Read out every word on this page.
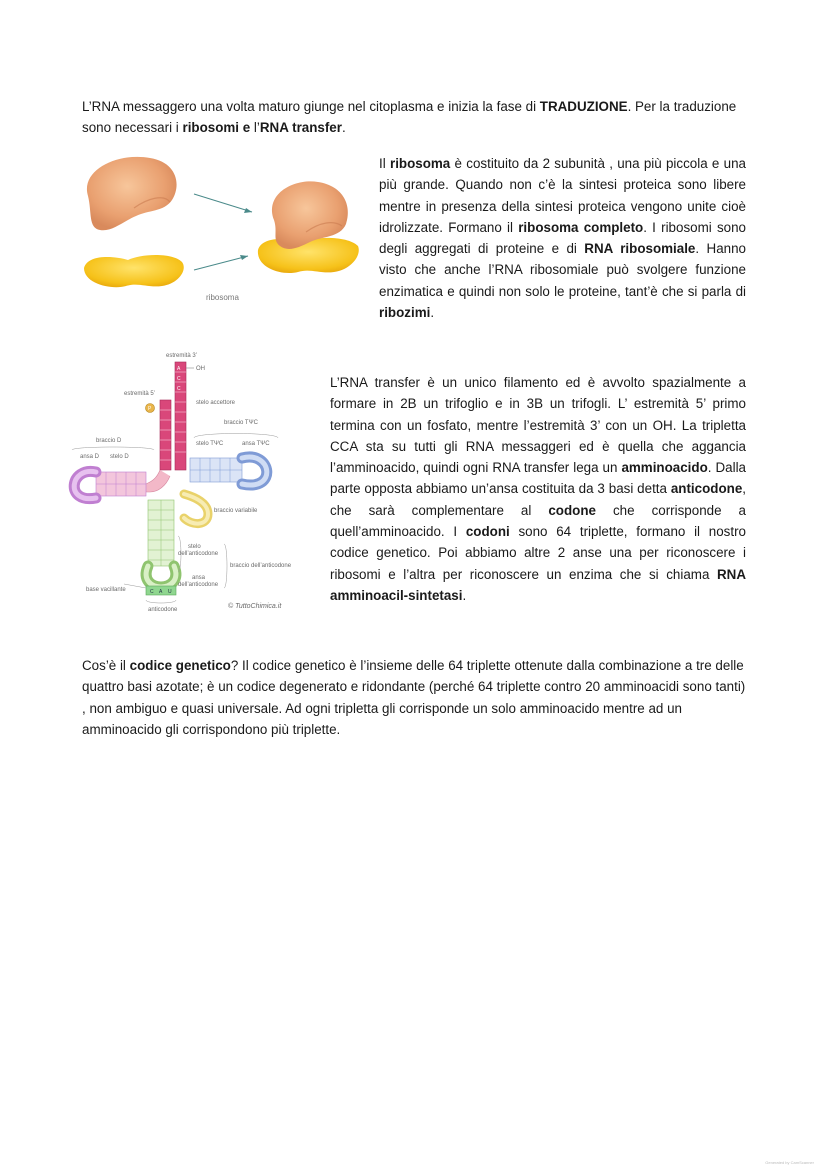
L’RNA messaggero una volta maturo giunge nel citoplasma e inizia la fase di TRADUZIONE. Per la traduzione sono necessari i ribosomi e l’RNA transfer.

ribosoma

Il ribosoma è costituito da 2 subunità , una più piccola e una più grande. Quando non c’è la sintesi proteica sono libere mentre in presenza della sintesi proteica vengono unite cioè idrolizzate. Formano il ribosoma completo. I ribosomi sono degli aggregati di proteine e di RNA ribosomiale. Hanno visto che anche l’RNA ribosomiale può svolgere funzione enzimatica e quindi non solo le proteine, tant’è che si parla di ribozimi.

A
C
C
OH
estremità 3’
estremità 5’
P
stelo accettore
braccio D
ansa D stelo D
braccio TΨC
stelo TΨC	ansa TΨC
braccio variabile
C A U
stelo
dell’anticodone
braccio dell’anticodone
ansa
dell’anticodone
base vacillante
anticodone	© TuttoChimica.it

L’RNA transfer è un unico filamento ed è avvolto spazialmente a formare in 2B un trifoglio e in 3B un trifogli. L’ estremità 5’ primo termina con un fosfato, mentre l’estremità 3’ con un OH. La tripletta CCA sta su tutti gli RNA messaggeri ed è quella che aggancia l’amminoacido, quindi ogni RNA transfer lega un amminoacido. Dalla parte opposta abbiamo un’ansa costituita da 3 basi detta anticodone, che sarà complementare al codone che corrisponde a quell’amminoacido. I codoni sono 64 triplette, formano il nostro codice genetico. Poi abbiamo altre 2 anse una per riconoscere i ribosomi e l’altra per riconoscere un enzima che si chiama RNA amminoacil-sintetasi.

Cos’è il codice genetico? Il codice genetico è l’insieme delle 64 triplette ottenute dalla combinazione a tre delle quattro basi azotate; è un codice degenerato e ridondante (perché 64 triplette contro 20 amminoacidi sono tanti) , non ambiguo e quasi universale. Ad ogni tripletta gli corrisponde un solo amminoacido mentre ad un amminoacido gli corrispondono più triplette.

Generated by CamScanner
